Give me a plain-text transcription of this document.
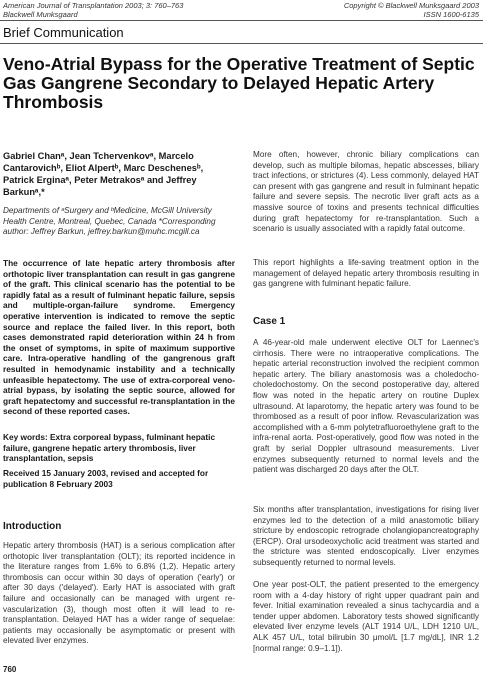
American Journal of Transplantation 2003; 3: 760–763
Blackwell Munksgaard
Copyright © Blackwell Munksgaard 2003
ISSN 1600-6135
Brief Communication
Veno-Atrial Bypass for the Operative Treatment of Septic Gas Gangrene Secondary to Delayed Hepatic Artery Thrombosis
Gabriel Chanᵃ, Jean Tchervenkovᵃ, Marcelo Cantarovichᵇ, Eliot Alpertᵇ, Marc Deschenesᵇ, Patrick Erginaᵃ, Peter Metrakosᵃ and Jeffrey Barkunᵃ,*
Departments of ᵃSurgery and ᵇMedicine, McGill University Health Centre, Montreal, Quebec, Canada *Corresponding author: Jeffrey Barkun, jeffrey.barkun@muhc.mcgill.ca
The occurrence of late hepatic artery thrombosis after orthotopic liver transplantation can result in gas gangrene of the graft. This clinical scenario has the potential to be rapidly fatal as a result of fulminant hepatic failure, sepsis and multiple-organ-failure syndrome. Emergency operative intervention is indicated to remove the septic source and replace the failed liver. In this report, both cases demonstrated rapid deterioration within 24 h from the onset of symptoms, in spite of maximum supportive care. Intra-operative handling of the gangrenous graft resulted in hemodynamic instability and a technically unfeasible hepatectomy. The use of extra-corporeal veno-atrial bypass, by isolating the septic source, allowed for graft hepatectomy and successful re-transplantation in the second of these reported cases.
Key words: Extra corporeal bypass, fulminant hepatic failure, gangrene hepatic artery thrombosis, liver transplantation, sepsis
Received 15 January 2003, revised and accepted for publication 8 February 2003
Introduction
Hepatic artery thrombosis (HAT) is a serious complication after orthotopic liver transplantation (OLT); its reported incidence in the literature ranges from 1.6% to 6.8% (1,2). Hepatic artery thrombosis can occur within 30 days of operation ('early') or after 30 days ('delayed'). Early HAT is associated with graft failure and occasionally can be managed with urgent re-vascularization (3), though most often it will lead to re-transplantation. Delayed HAT has a wider range of sequelae: patients may occasionally be asymptomatic or present with elevated liver enzymes.
760
More often, however, chronic biliary complications can develop, such as multiple bilomas, hepatic abscesses, biliary tract infections, or strictures (4). Less commonly, delayed HAT can present with gas gangrene and result in fulminant hepatic failure and severe sepsis. The necrotic liver graft acts as a massive source of toxins and presents technical difficulties during graft hepatectomy for re-transplantation. Such a scenario is usually associated with a rapidly fatal outcome.
This report highlights a life-saving treatment option in the management of delayed hepatic artery thrombosis resulting in gas gangrene with fulminant hepatic failure.
Case 1
A 46-year-old male underwent elective OLT for Laennec's cirrhosis. There were no intraoperative complications. The hepatic arterial reconstruction involved the recipient common hepatic artery. The biliary anastomosis was a choledocho-choledochostomy. On the second postoperative day, altered flow was noted in the hepatic artery on routine Duplex ultrasound. At laparotomy, the hepatic artery was found to be thrombosed as a result of poor inflow. Revascularization was accomplished with a 6-mm polytetrafluoroethylene graft to the infra-renal aorta. Post-operatively, good flow was noted in the graft by serial Doppler ultrasound measurements. Liver enzymes subsequently returned to normal levels and the patient was discharged 20 days after the OLT.
Six months after transplantation, investigations for rising liver enzymes led to the detection of a mild anastomotic biliary stricture by endoscopic retrograde cholangiopancreatography (ERCP). Oral ursodeoxycholic acid treatment was started and the stricture was stented endoscopically. Liver enzymes subsequently returned to normal levels.
One year post-OLT, the patient presented to the emergency room with a 4-day history of right upper quadrant pain and fever. Initial examination revealed a sinus tachycardia and a tender upper abdomen. Laboratory tests showed significantly elevated liver enzyme levels (ALT 1914 U/L, LDH 1210 U/L, ALK 457 U/L, total bilirubin 30 μmol/L [1.7 mg/dL], INR 1.2 [normal range: 0.9–1.1]).
